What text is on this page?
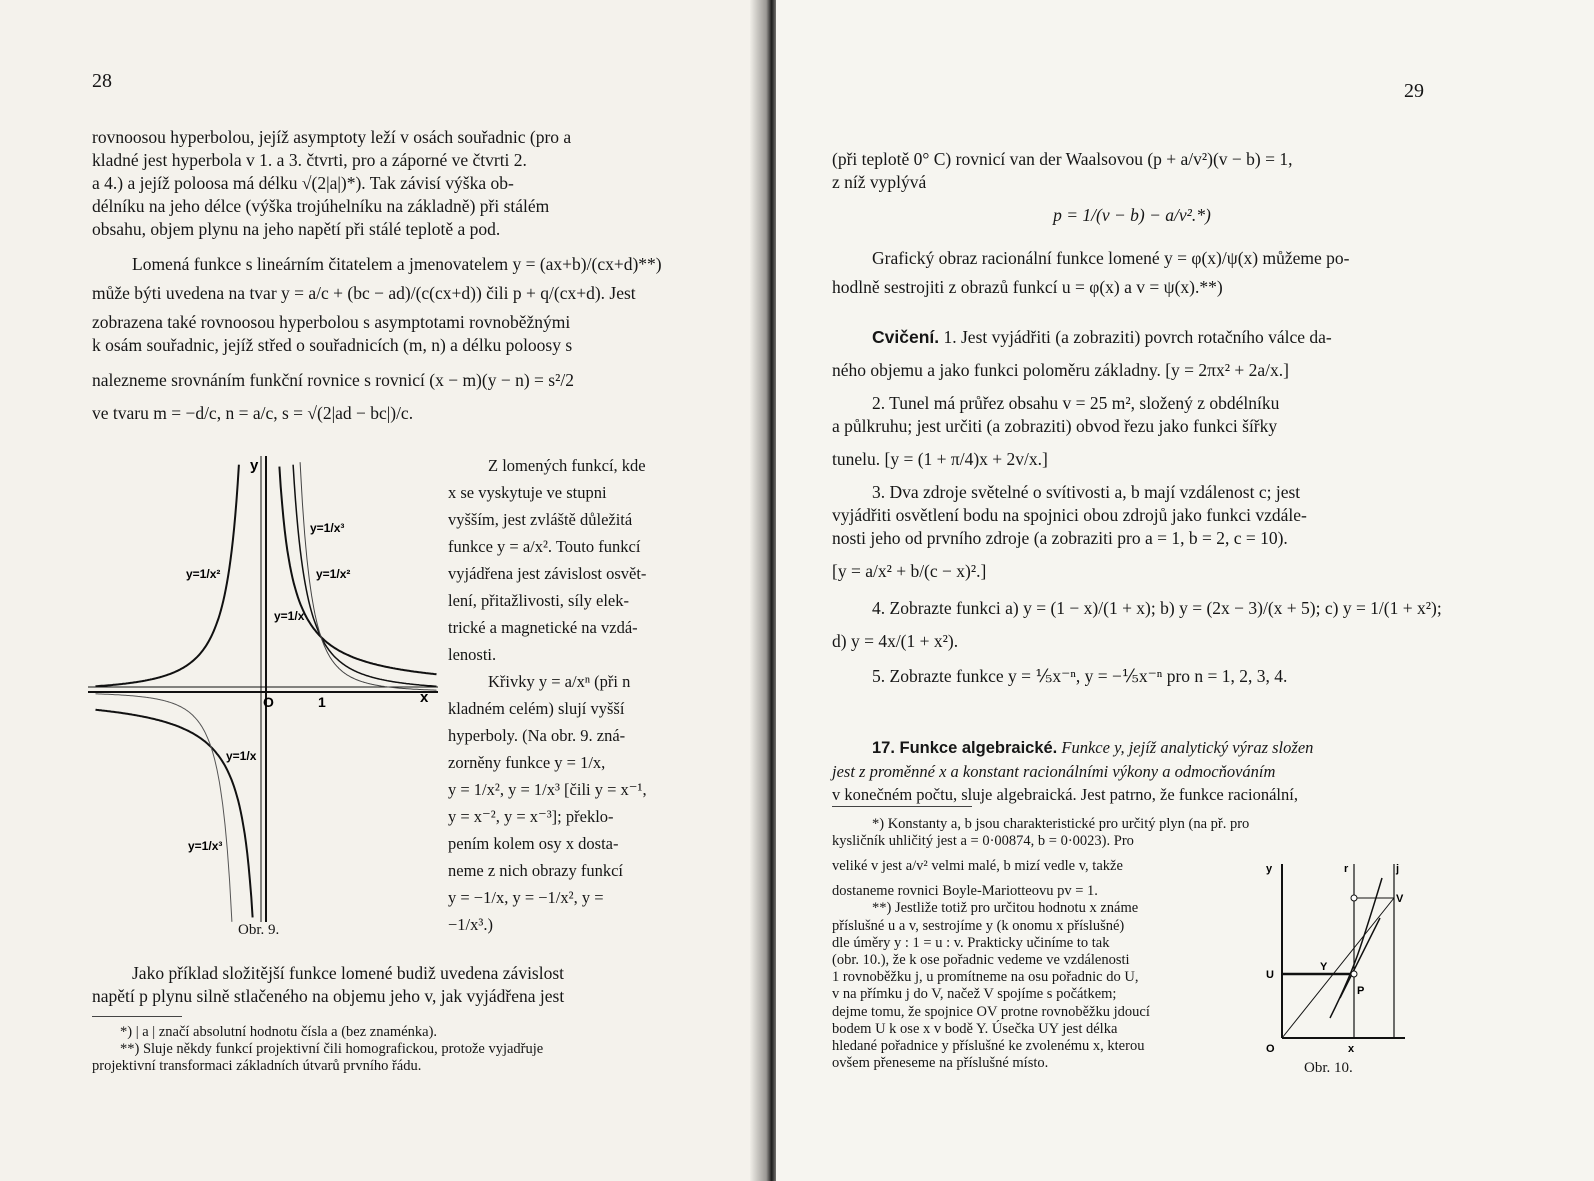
28
rovnoosou hyperbolou, jejíž asymptoty leží v osách souřadnic (pro a
kladné jest hyperbola v 1. a 3. čtvrti, pro a záporné ve čtvrti 2.
a 4.) a jejíž poloosa má délku √(2|a|)*). Tak závisí výška ob-
délníku na jeho délce (výška trojúhelníku na základně) při stálém
obsahu, objem plynu na jeho napětí při stálé teplotě a pod.
Lomená funkce s lineárním čitatelem a jmenovatelem y = (ax+b)/(cx+d)**)
může býti uvedena na tvar y = a/c + (bc − ad)/(c(cx+d)) čili p + q/(cx+d). Jest
zobrazena také rovnoosou hyperbolou s asymptotami rovnoběžnými
k osám souřadnic, jejíž střed o souřadnicích (m, n) a délku poloosy s
nalezneme srovnáním funkční rovnice s rovnicí (x − m)(y − n) = s²/2
ve tvaru m = −d/c, n = a/c, s = √(2|ad − bc|)/c.
y
x
O	1
y=1/x³
y=1/x²	y=1/x²
y=1/x
y=1/x
y=1/x³
Obr. 9.
Z lomených funkcí, kde
x se vyskytuje ve stupni
vyšším, jest zvláště důležitá
funkce y = a/x². Touto funkcí
vyjádřena jest závislost osvět-
lení, přitažlivosti, síly elek-
trické a magnetické na vzdá-
lenosti.
Křivky y = a/xⁿ (při n
kladném celém) slují vyšší
hyperboly. (Na obr. 9. zná-
zorněny funkce y = 1/x,
y = 1/x², y = 1/x³ [čili y = x⁻¹,
y = x⁻², y = x⁻³]; překlo-
pením kolem osy x dosta-
neme z nich obrazy funkcí
y = −1/x, y = −1/x², y =
−1/x³.)
Jako příklad složitější funkce lomené budiž uvedena závislost
napětí p plynu silně stlačeného na objemu jeho v, jak vyjádřena jest
*) | a | značí absolutní hodnotu čísla a (bez znaménka).
**) Sluje někdy funkcí projektivní čili homografickou, protože vyjadřuje
projektivní transformaci základních útvarů prvního řádu.
29
(při teplotě 0° C) rovnicí van der Waalsovou (p + a/v²)(v − b) = 1,
z níž vyplývá
p = 1/(v − b) − a/v².*)
Grafický obraz racionální funkce lomené y = φ(x)/ψ(x) můžeme po-
hodlně sestrojiti z obrazů funkcí u = φ(x) a v = ψ(x).**)
Cvičení. 1. Jest vyjádřiti (a zobraziti) povrch rotačního válce da-
ného objemu a jako funkci poloměru základny. [y = 2πx² + 2a/x.]
2. Tunel má průřez obsahu v = 25 m², složený z obdélníku
a půlkruhu; jest určiti (a zobraziti) obvod řezu jako funkci šířky
tunelu. [y = (1 + π/4)x + 2v/x.]
3. Dva zdroje světelné o svítivosti a, b mají vzdálenost c; jest
vyjádřiti osvětlení bodu na spojnici obou zdrojů jako funkci vzdále-
nosti jeho od prvního zdroje (a zobraziti pro a = 1, b = 2, c = 10).
[y = a/x² + b/(c − x)².]
4. Zobrazte funkci a) y = (1 − x)/(1 + x); b) y = (2x − 3)/(x + 5); c) y = 1/(1 + x²);
d) y = 4x/(1 + x²).
5. Zobrazte funkce y = ⅕x⁻ⁿ, y = −⅕x⁻ⁿ pro n = 1, 2, 3, 4.
17. Funkce algebraické. Funkce y, jejíž analytický výraz složen
jest z proměnné x a konstant racionálními výkony a odmocňováním
v konečném počtu, sluje algebraická. Jest patrno, že funkce racionální,
*) Konstanty a, b jsou charakteristické pro určitý plyn (na př. pro
kysličník uhličitý jest a = 0·00874, b = 0·0023). Pro
veliké v jest a/v² velmi malé, b mizí vedle v, takže
dostaneme rovnici Boyle-Mariotteovu pv = 1.
**) Jestliže totiž pro určitou hodnotu x známe
příslušné u a v, sestrojíme y (k onomu x příslušné)
dle úměry y : 1 = u : v. Prakticky učiníme to tak
(obr. 10.), že k ose pořadnic vedeme ve vzdálenosti
1 rovnoběžku j, u promítneme na osu pořadnic do U,
v na přímku j do V, načež V spojíme s počátkem;
dejme tomu, že spojnice OV protne rovnoběžku jdoucí
bodem U k ose x v bodě Y. Úsečka UY jest délka
hledané pořadnice y příslušné ke zvolenému x, kterou
ovšem přeneseme na příslušné místo.
y	r	j
V
U
Y
P
O	x
Obr. 10.
